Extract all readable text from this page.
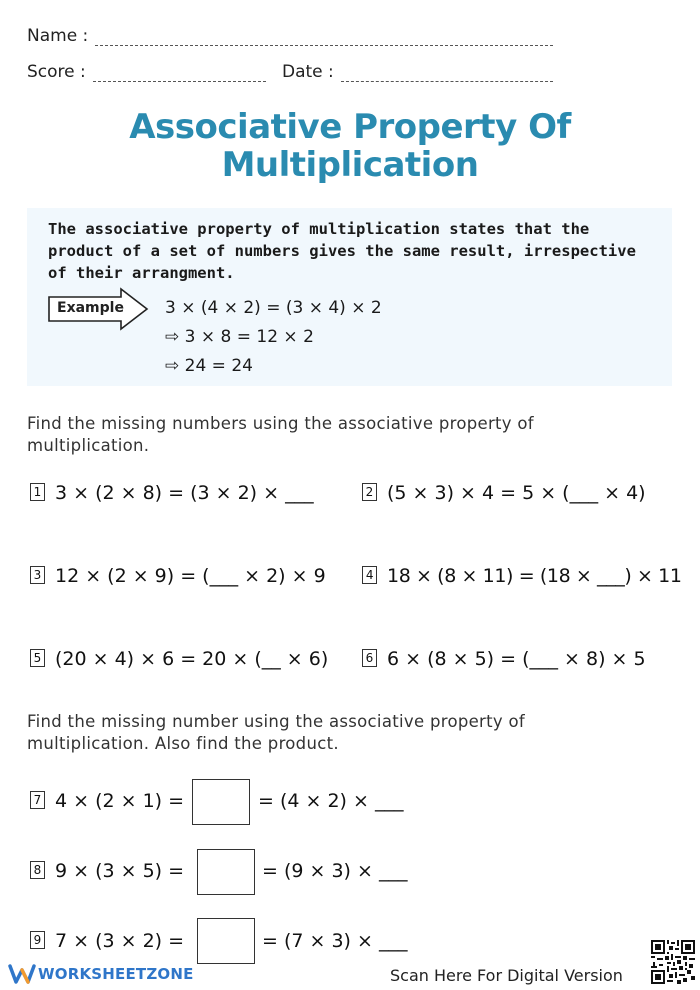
Name :
Score :	Date :
Associative Property Of
Multiplication
The associative property of multiplication states that the
product of a set of numbers gives the same result, irrespective
of their arrangment.
Example 3 × (4 × 2) = (3 × 4) × 2
⇨ 3 × 8 = 12 × 2
⇨ 24 = 24
Find the missing numbers using the associative property of
multiplication.
1 3 × (2 × 8) = (3 × 2) × ___	2 (5 × 3) × 4 = 5 × (___ × 4)
3 12 × (2 × 9) = (___ × 2) × 9	4 18 × (8 × 11) = (18 × ___) × 11
5 (20 × 4) × 6 = 20 × (__ × 6)	6 6 × (8 × 5) = (___ × 8) × 5
Find the missing number using the associative property of
multiplication. Also find the product.
7 4 × (2 × 1) =	= (4 × 2) × ___
8 9 × (3 × 5) =	= (9 × 3) × ___
9 7 × (3 × 2) =	= (7 × 3) × ___
WORKSHEETZONE	Scan Here For Digital Version
